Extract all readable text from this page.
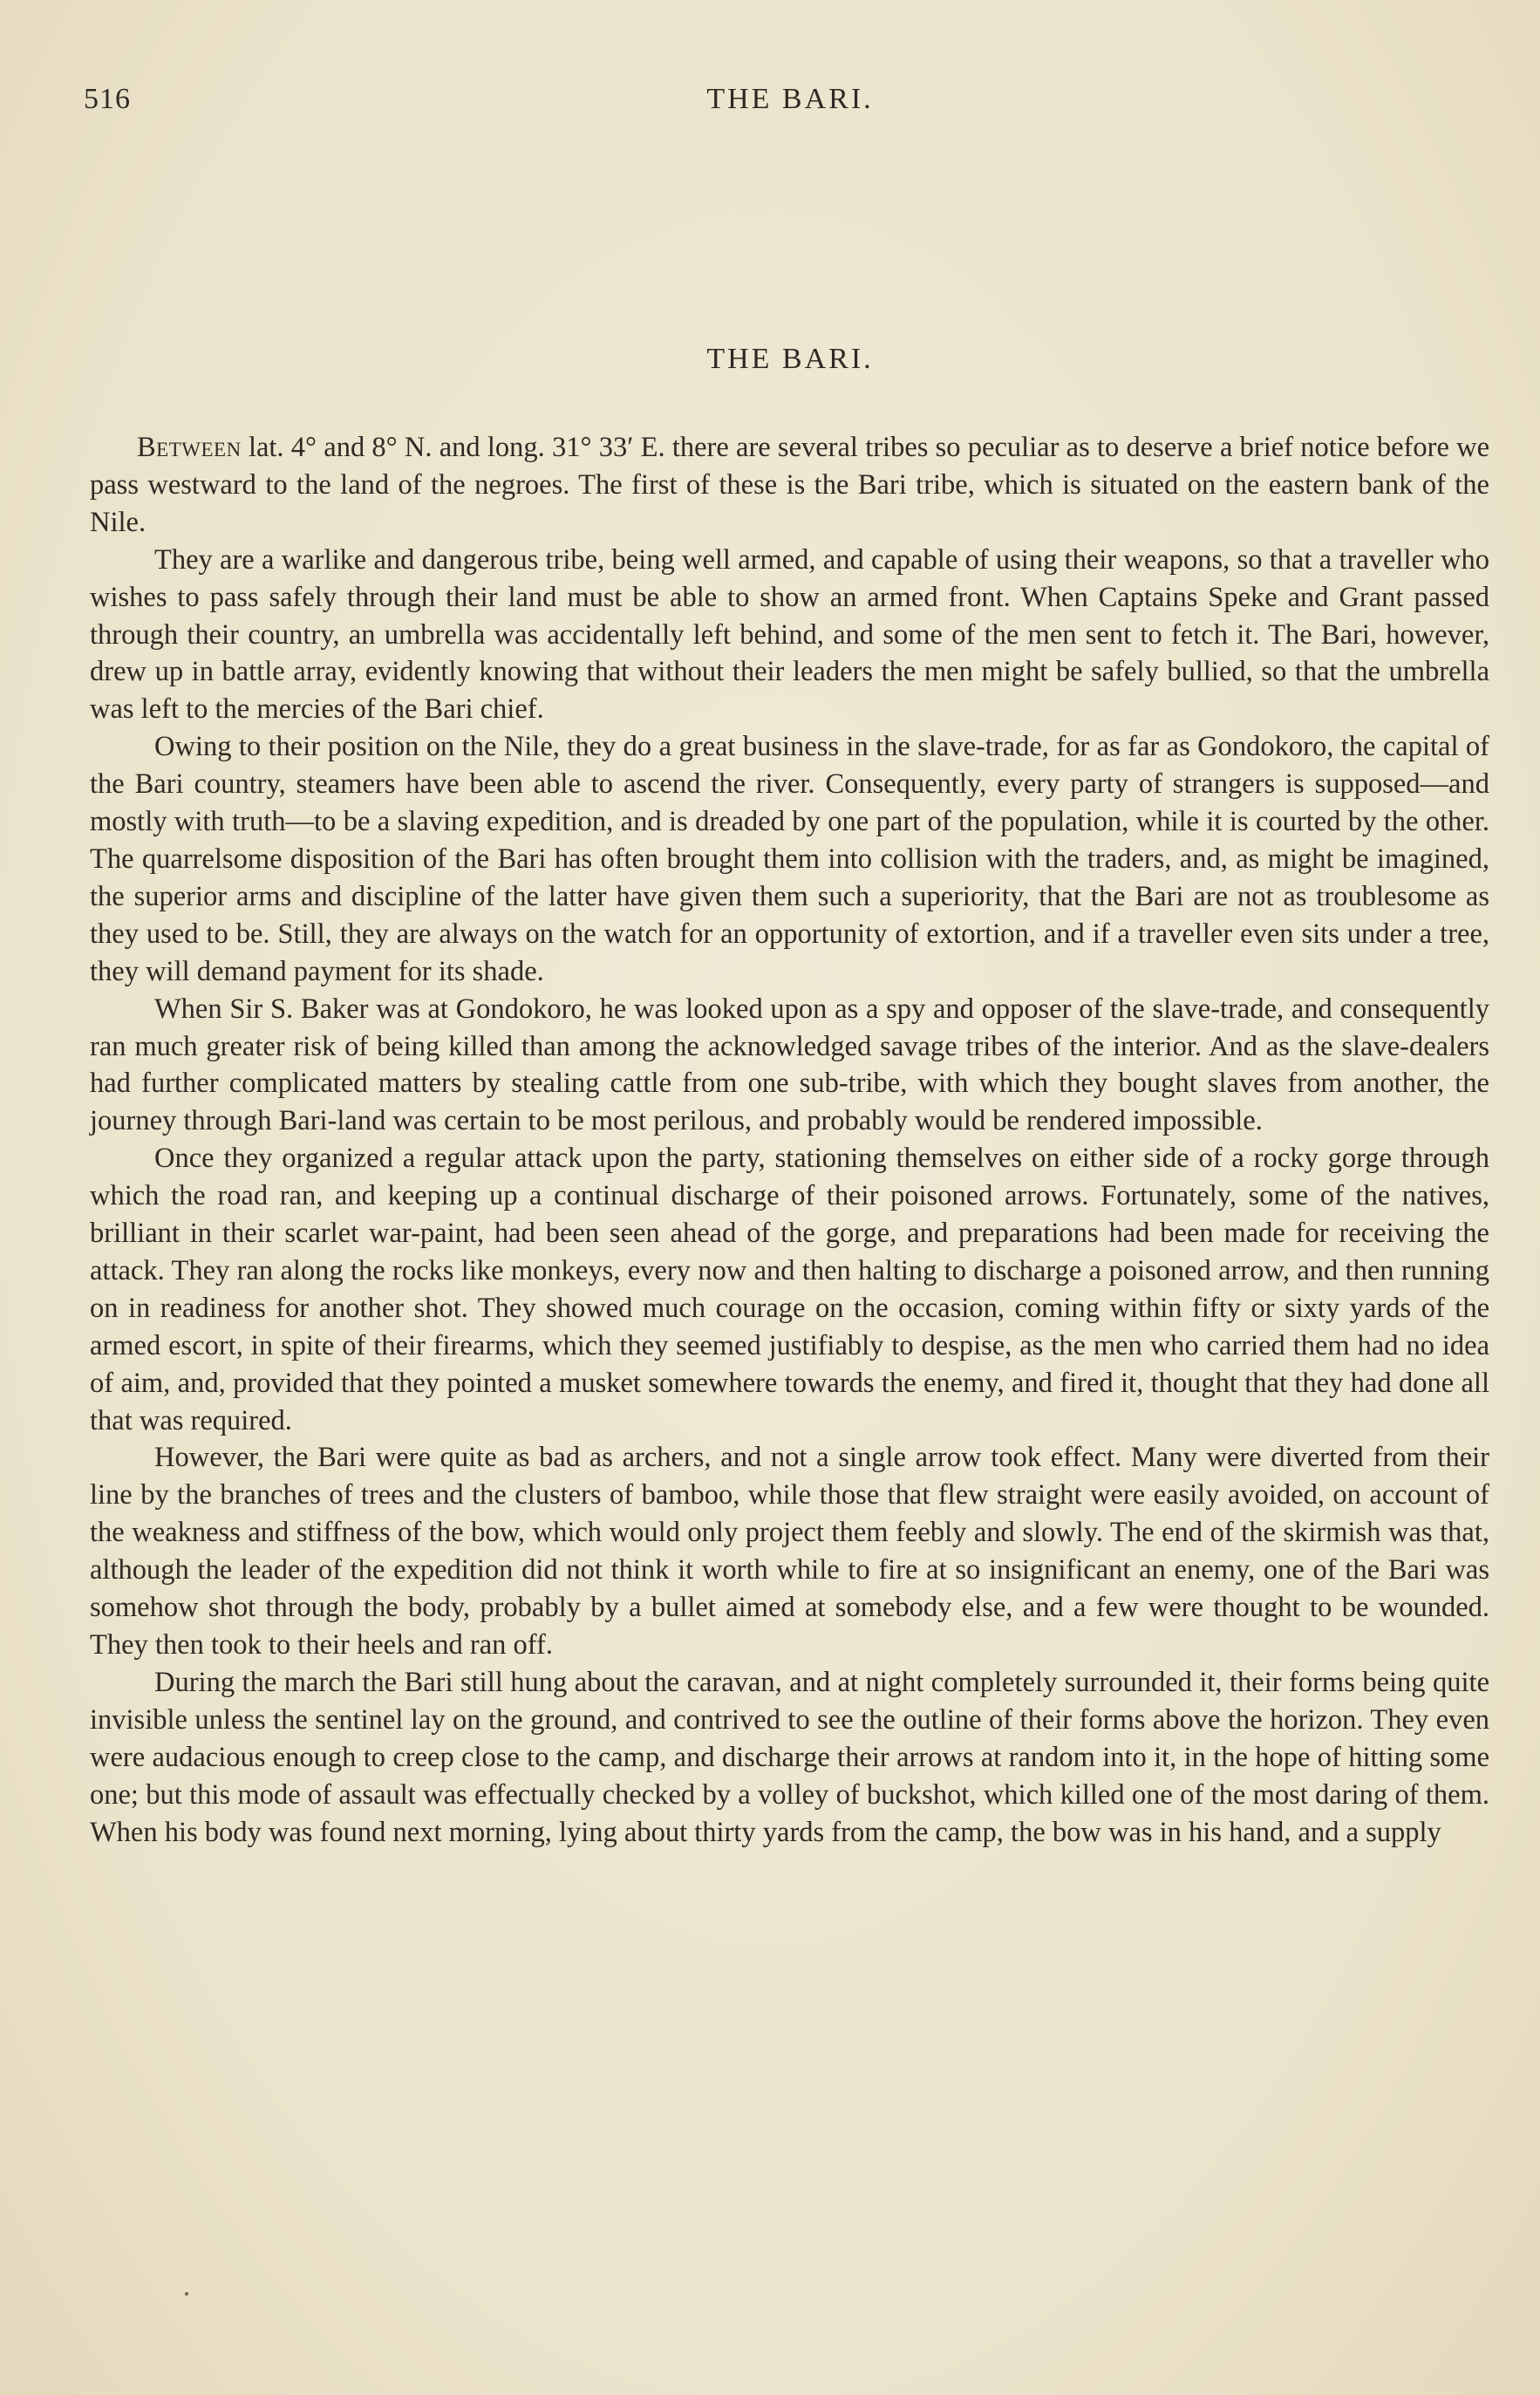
516	THE BARI.
THE BARI.

Between lat. 4° and 8° N. and long. 31° 33′ E. there are several tribes so peculiar as to deserve a brief notice before we pass westward to the land of the negroes. The first of these is the Bari tribe, which is situated on the eastern bank of the Nile.

They are a warlike and dangerous tribe, being well armed, and capable of using their weapons, so that a traveller who wishes to pass safely through their land must be able to show an armed front. When Captains Speke and Grant passed through their country, an umbrella was accidentally left behind, and some of the men sent to fetch it. The Bari, however, drew up in battle array, evidently knowing that without their leaders the men might be safely bullied, so that the umbrella was left to the mercies of the Bari chief.

Owing to their position on the Nile, they do a great business in the slave-trade, for as far as Gondokoro, the capital of the Bari country, steamers have been able to ascend the river. Consequently, every party of strangers is supposed—and mostly with truth—to be a slaving expedition, and is dreaded by one part of the population, while it is courted by the other. The quarrelsome disposition of the Bari has often brought them into collision with the traders, and, as might be imagined, the superior arms and discipline of the latter have given them such a superiority, that the Bari are not as troublesome as they used to be. Still, they are always on the watch for an opportunity of extortion, and if a traveller even sits under a tree, they will demand payment for its shade.

When Sir S. Baker was at Gondokoro, he was looked upon as a spy and opposer of the slave-trade, and consequently ran much greater risk of being killed than among the acknowledged savage tribes of the interior. And as the slave-dealers had further complicated matters by stealing cattle from one sub-tribe, with which they bought slaves from another, the journey through Bari-land was certain to be most perilous, and probably would be rendered impossible.

Once they organized a regular attack upon the party, stationing themselves on either side of a rocky gorge through which the road ran, and keeping up a continual discharge of their poisoned arrows. Fortunately, some of the natives, brilliant in their scarlet war-paint, had been seen ahead of the gorge, and preparations had been made for receiving the attack. They ran along the rocks like monkeys, every now and then halting to discharge a poisoned arrow, and then running on in readiness for another shot. They showed much courage on the occasion, coming within fifty or sixty yards of the armed escort, in spite of their firearms, which they seemed justifiably to despise, as the men who carried them had no idea of aim, and, provided that they pointed a musket somewhere towards the enemy, and fired it, thought that they had done all that was required.

However, the Bari were quite as bad as archers, and not a single arrow took effect. Many were diverted from their line by the branches of trees and the clusters of bamboo, while those that flew straight were easily avoided, on account of the weakness and stiffness of the bow, which would only project them feebly and slowly. The end of the skirmish was that, although the leader of the expedition did not think it worth while to fire at so insignificant an enemy, one of the Bari was somehow shot through the body, probably by a bullet aimed at somebody else, and a few were thought to be wounded. They then took to their heels and ran off.

During the march the Bari still hung about the caravan, and at night completely surrounded it, their forms being quite invisible unless the sentinel lay on the ground, and contrived to see the outline of their forms above the horizon. They even were audacious enough to creep close to the camp, and discharge their arrows at random into it, in the hope of hitting some one; but this mode of assault was effectually checked by a volley of buckshot, which killed one of the most daring of them. When his body was found next morning, lying about thirty yards from the camp, the bow was in his hand, and a supply
